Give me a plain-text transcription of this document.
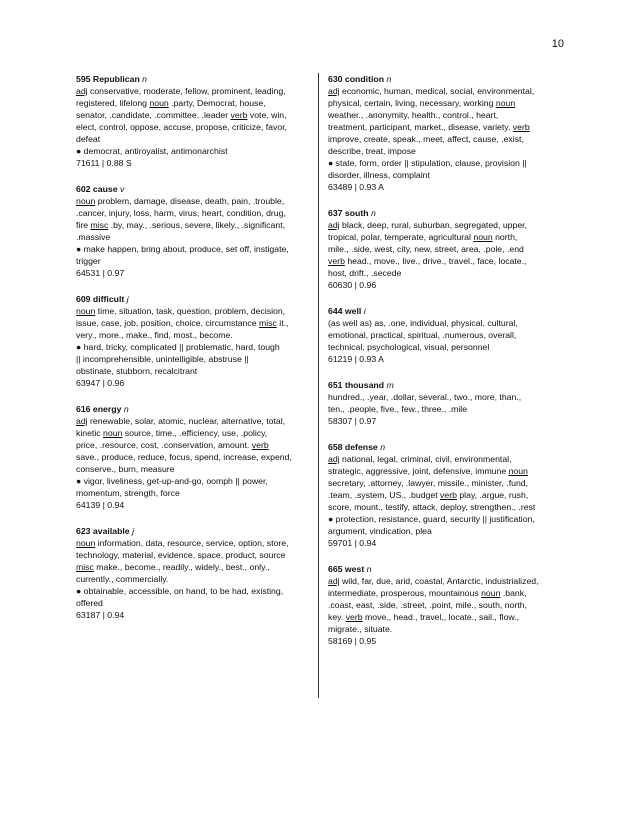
10
595 Republican n
adj conservative, moderate, fellow, prominent, leading,
registered, lifelong noun .party, Democrat, house,
senator, .candidate, .committee, .leader verb vote, win,
elect, control, oppose, accuse, propose, criticize, favor,
defeat
● democrat, antiroyalist, antimonarchist
71611 | 0.88 S
602 cause v
noun problem, damage, disease, death, pain, .trouble,
.cancer, injury, loss, harm, virus, heart, condition, drug,
fire misc .by, may., .serious, severe, likely., .significant,
.massive
● make happen, bring about, produce, set off, instigate,
trigger
64531 | 0.97
609 difficult j
noun time, situation, task, question, problem, decision,
issue, case, job, position, choice, circumstance misc it.,
very., more., make., find, most., become.
● hard, tricky, complicated || problematic, hard, tough
|| incomprehensible, unintelligible, abstruse ||
obstinate, stubborn, recalcitrant
63947 | 0.96
616 energy n
adj renewable, solar, atomic, nuclear, alternative, total,
kinetic noun source, time., .efficiency, use, .policy,
price, .resource, cost, .conservation, amount. verb
save., produce, reduce, focus, spend, increase, expend,
conserve., burn, measure
● vigor, liveliness, get-up-and-go, oomph || power,
momentum, strength, force
64139 | 0.94
623 available j
noun information, data, resource, service, option, store,
technology, material, evidence, space, product, source
misc make., become., readily., widely., best., only.,
currently., commercially.
● obtainable, accessible, on hand, to be had, existing,
offered
63187 | 0.94
630 condition n
adj economic, human, medical, social, environmental,
physical, certain, living, necessary, working noun
weather., .anonymity, health., control., heart,
treatment, participant, market., disease, variety. verb
improve, create, speak., meet, affect, cause, .exist,
describe, treat, impose
● state, form, order || stipulation, clause, provision ||
disorder, illness, complaint
63489 | 0.93 A
637 south n
adj black, deep, rural, suburban, segregated, upper,
tropical, polar, temperate, agricultural noun north,
mile., .side, west, city, new, street, area, .pole, .end
verb head., move., live., drive., travel., face, locate.,
host, drift., .secede
60630 | 0.96
644 well i
(as well as) as, .one, individual, physical, cultural,
emotional, practical, spiritual, .numerous, overall,
technical, psychological, visual, personnel
61219 | 0.93 A
651 thousand m
hundred., .year, .dollar, several., two., more, than.,
ten., .people, five., few., three., .mile
58307 | 0.97
658 defense n
adj national, legal, criminal, civil, environmental,
strategic, aggressive, joint, defensive, immune noun
secretary, .attorney, .lawyer, missile., minister, .fund,
.team, .system, US., .budget verb play, .argue, rush,
score, mount., testify, attack, deploy, strengthen., .rest
● protection, resistance, guard, security || justification,
argument, vindication, plea
59701 | 0.94
665 west n
adj wild, far, due, arid, coastal, Antarctic, industrialized,
intermediate, prosperous, mountainous noun .bank,
.coast, east, .side, .street, .point, mile., south, north,
key. verb move., head., travel., locate., sail., flow.,
migrate., situate.
58169 | 0.95
